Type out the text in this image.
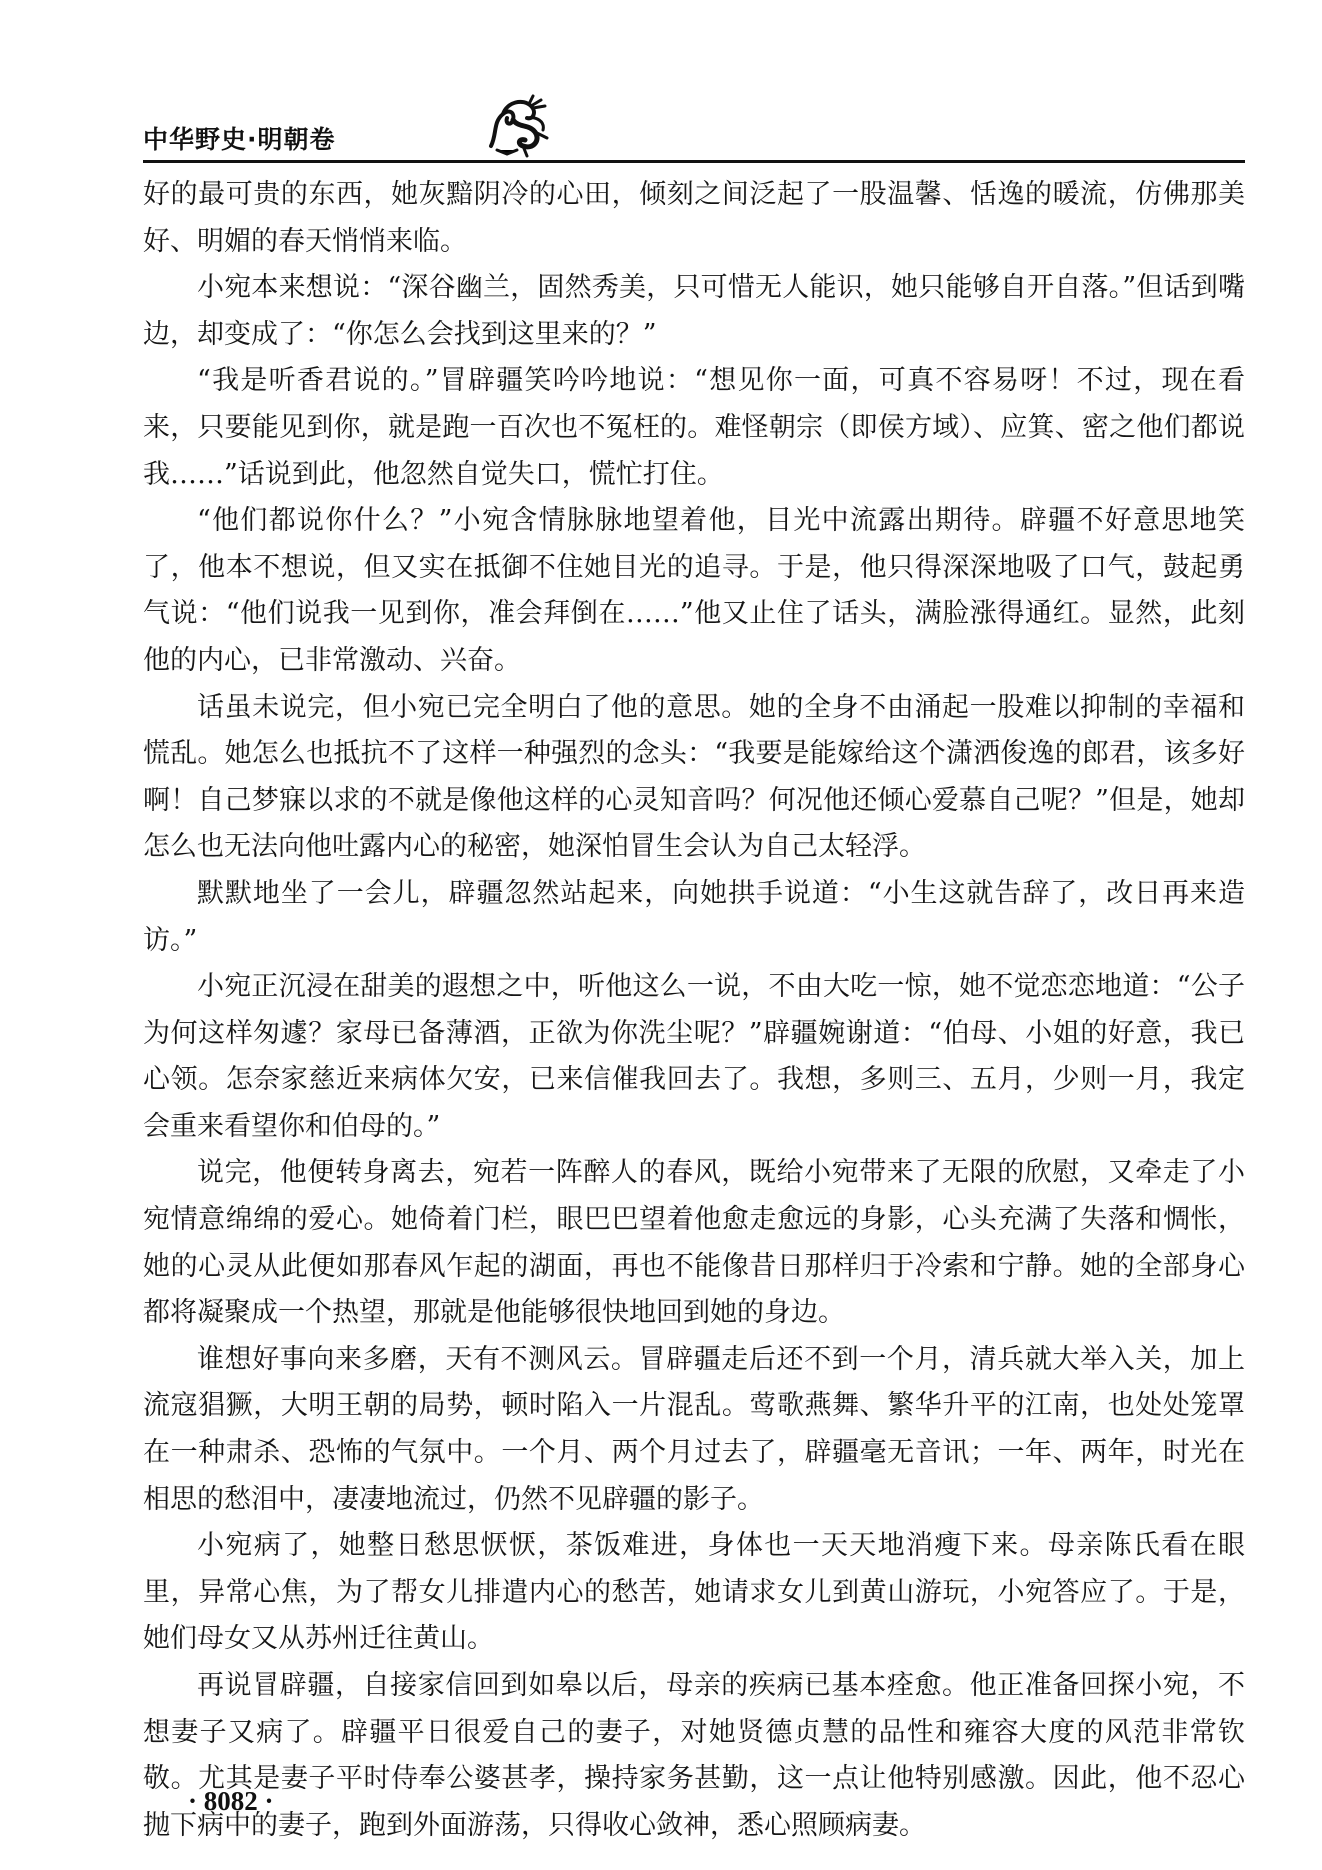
中华野史·明朝卷

好的最可贵的东西，她灰黯阴冷的心田，倾刻之间泛起了一股温馨、恬逸的暖流，仿佛那美好、明媚的春天悄悄来临。

小宛本来想说：“深谷幽兰，固然秀美，只可惜无人能识，她只能够自开自落。”但话到嘴边，却变成了：“你怎么会找到这里来的？”

“我是听香君说的。”冒辟疆笑吟吟地说：“想见你一面，可真不容易呀！不过，现在看来，只要能见到你，就是跑一百次也不冤枉的。难怪朝宗（即侯方域）、应箕、密之他们都说我……”话说到此，他忽然自觉失口，慌忙打住。

“他们都说你什么？”小宛含情脉脉地望着他，目光中流露出期待。辟疆不好意思地笑了，他本不想说，但又实在抵御不住她目光的追寻。于是，他只得深深地吸了口气，鼓起勇气说：“他们说我一见到你，准会拜倒在……”他又止住了话头，满脸涨得通红。显然，此刻他的内心，已非常激动、兴奋。

话虽未说完，但小宛已完全明白了他的意思。她的全身不由涌起一股难以抑制的幸福和慌乱。她怎么也抵抗不了这样一种强烈的念头：“我要是能嫁给这个潇洒俊逸的郎君，该多好啊！自己梦寐以求的不就是像他这样的心灵知音吗？何况他还倾心爱慕自己呢？”但是，她却怎么也无法向他吐露内心的秘密，她深怕冒生会认为自己太轻浮。

默默地坐了一会儿，辟疆忽然站起来，向她拱手说道：“小生这就告辞了，改日再来造访。”

小宛正沉浸在甜美的遐想之中，听他这么一说，不由大吃一惊，她不觉恋恋地道：“公子为何这样匆遽？家母已备薄酒，正欲为你洗尘呢？”辟疆婉谢道：“伯母、小姐的好意，我已心领。怎奈家慈近来病体欠安，已来信催我回去了。我想，多则三、五月，少则一月，我定会重来看望你和伯母的。”

说完，他便转身离去，宛若一阵醉人的春风，既给小宛带来了无限的欣慰，又牵走了小宛情意绵绵的爱心。她倚着门栏，眼巴巴望着他愈走愈远的身影，心头充满了失落和惆怅，她的心灵从此便如那春风乍起的湖面，再也不能像昔日那样归于冷索和宁静。她的全部身心都将凝聚成一个热望，那就是他能够很快地回到她的身边。

谁想好事向来多磨，天有不测风云。冒辟疆走后还不到一个月，清兵就大举入关，加上流寇猖獗，大明王朝的局势，顿时陷入一片混乱。莺歌燕舞、繁华升平的江南，也处处笼罩在一种肃杀、恐怖的气氛中。一个月、两个月过去了，辟疆毫无音讯；一年、两年，时光在相思的愁泪中，凄凄地流过，仍然不见辟疆的影子。

小宛病了，她整日愁思恹恹，茶饭难进，身体也一天天地消瘦下来。母亲陈氏看在眼里，异常心焦，为了帮女儿排遣内心的愁苦，她请求女儿到黄山游玩，小宛答应了。于是，她们母女又从苏州迁往黄山。

再说冒辟疆，自接家信回到如皋以后，母亲的疾病已基本痊愈。他正准备回探小宛，不想妻子又病了。辟疆平日很爱自己的妻子，对她贤德贞慧的品性和雍容大度的风范非常钦敬。尤其是妻子平时侍奉公婆甚孝，操持家务甚勤，这一点让他特别感激。因此，他不忍心抛下病中的妻子，跑到外面游荡，只得收心敛神，悉心照顾病妻。

· 8082 ·
